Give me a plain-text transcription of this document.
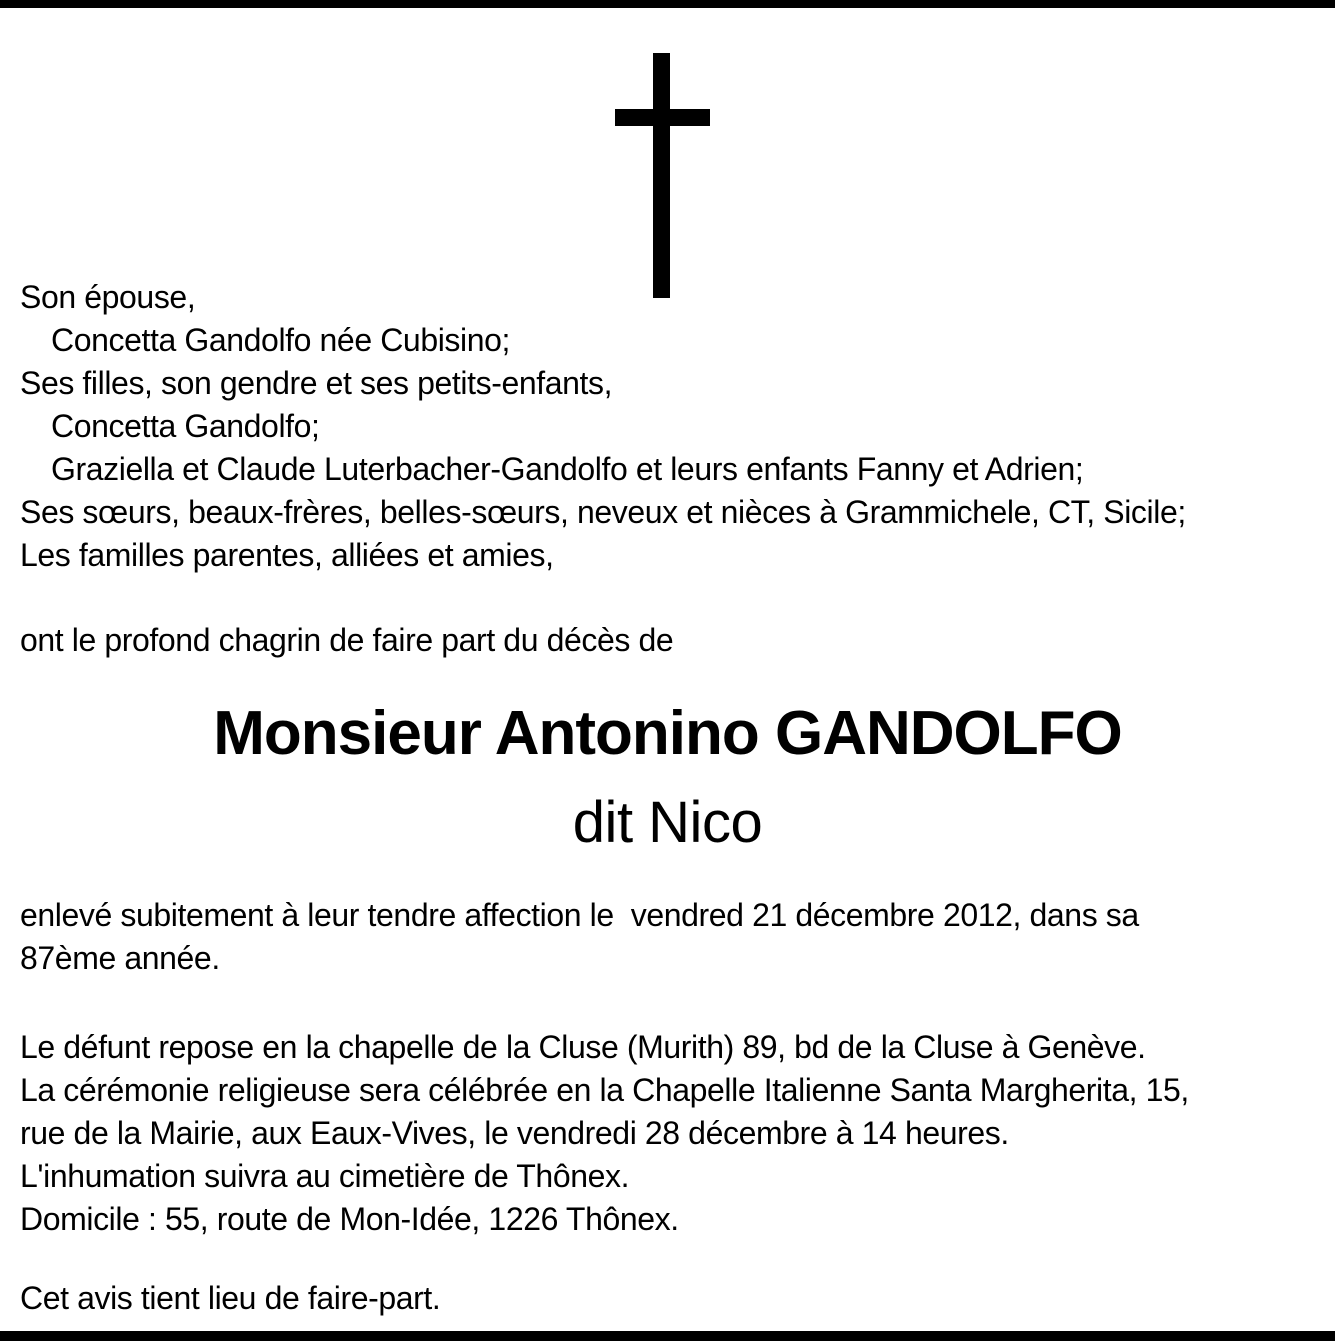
Son épouse,
Concetta Gandolfo née Cubisino;
Ses filles, son gendre et ses petits-enfants,
Concetta Gandolfo;
Graziella et Claude Luterbacher-Gandolfo et leurs enfants Fanny et Adrien;
Ses sœurs, beaux-frères, belles-sœurs, neveux et nièces à Grammichele, CT, Sicile;
Les familles parentes, alliées et amies,
ont le profond chagrin de faire part du décès de
Monsieur Antonino GANDOLFO
dit Nico
enlevé subitement à leur tendre affection le  vendred 21 décembre 2012, dans sa
87ème année.
Le défunt repose en la chapelle de la Cluse (Murith) 89, bd de la Cluse à Genève.
La cérémonie religieuse sera célébrée en la Chapelle Italienne Santa Margherita, 15,
rue de la Mairie, aux Eaux-Vives, le vendredi 28 décembre à 14 heures.
L'inhumation suivra au cimetière de Thônex.
Domicile : 55, route de Mon-Idée, 1226 Thônex.
Cet avis tient lieu de faire-part.
